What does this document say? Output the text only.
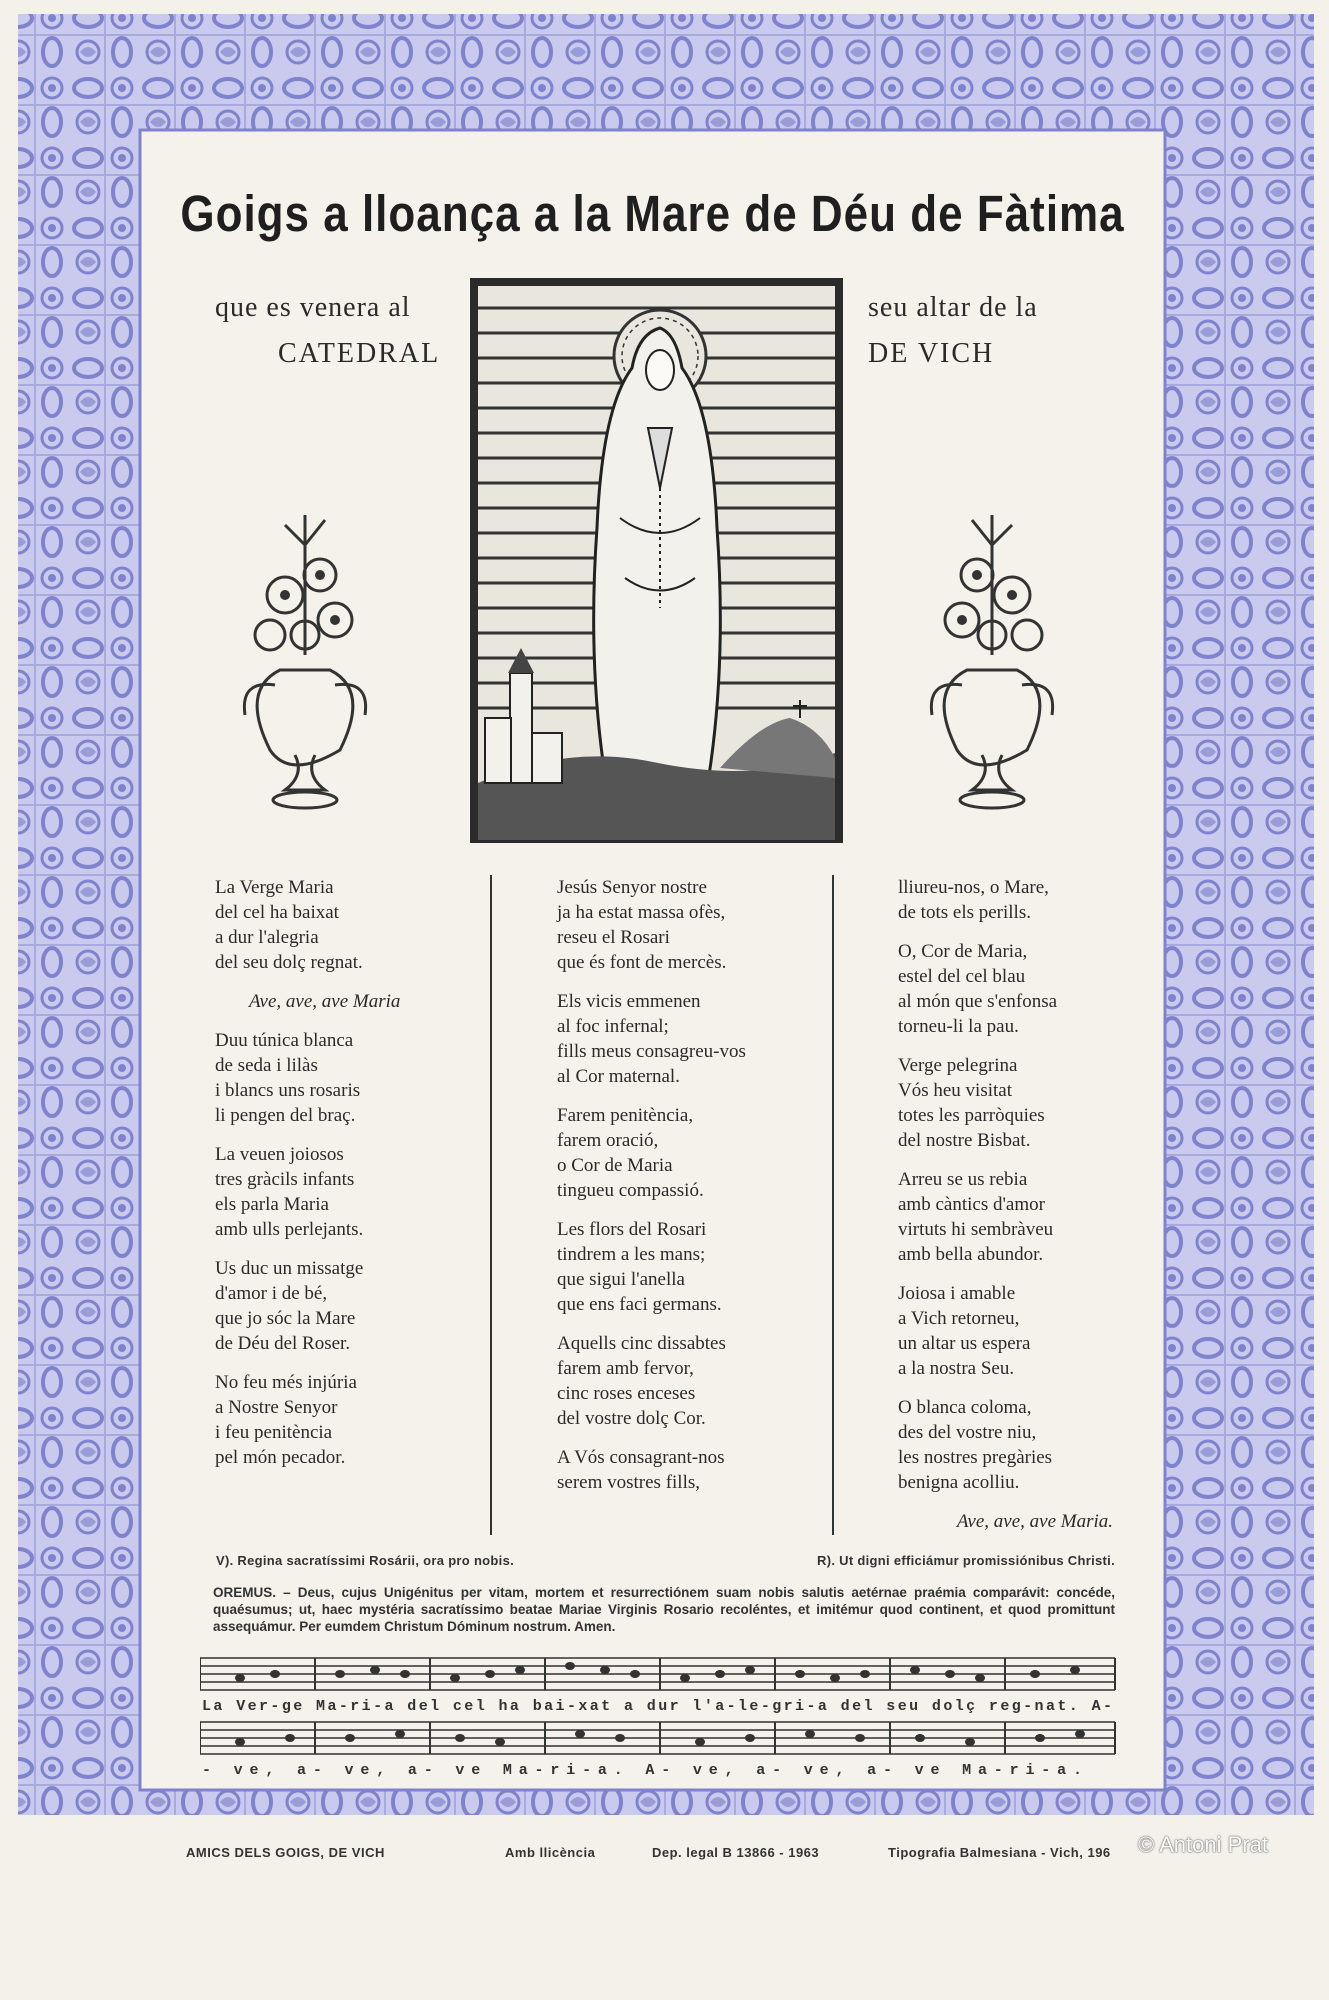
Goigs a lloança a la Mare de Déu de Fàtima
que es venera al
CATEDRAL
seu altar de la
DE VICH
La Verge Maria
del cel ha baixat
a dur l'alegria
del seu dolç regnat.
Ave, ave, ave Maria
Duu túnica blanca
de seda i lilàs
i blancs uns rosaris
li pengen del braç.
La veuen joiosos
tres gràcils infants
els parla Maria
amb ulls perlejants.
Us duc un missatge
d'amor i de bé,
que jo sóc la Mare
de Déu del Roser.
No feu més injúria
a Nostre Senyor
i feu penitència
pel món pecador.
Jesús Senyor nostre
ja ha estat massa ofès,
reseu el Rosari
que és font de mercès.
Els vicis emmenen
al foc infernal;
fills meus consagreu-vos
al Cor maternal.
Farem penitència,
farem oració,
o Cor de Maria
tingueu compassió.
Les flors del Rosari
tindrem a les mans;
que sigui l'anella
que ens faci germans.
Aquells cinc dissabtes
farem amb fervor,
cinc roses enceses
del vostre dolç Cor.
A Vós consagrant-nos
serem vostres fills,
lliureu-nos, o Mare,
de tots els perills.
O, Cor de Maria,
estel del cel blau
al món que s'enfonsa
torneu-li la pau.
Verge pelegrina
Vós heu visitat
totes les parròquies
del nostre Bisbat.
Arreu se us rebia
amb càntics d'amor
virtuts hi sembràveu
amb bella abundor.
Joiosa i amable
a Vich retorneu,
un altar us espera
a la nostra Seu.
O blanca coloma,
des del vostre niu,
les nostres pregàries
benigna acolliu.
Ave, ave, ave Maria.
V). Regina sacratíssimi Rosárii, ora pro nobis.	R). Ut digni efficiámur promissiónibus Christi.
OREMUS. – Deus, cujus Unigénitus per vitam, mortem et resurrectiónem suam nobis salutis aetérnae praémia comparávit: concéde, quaésumus; ut, haec mystéria sacratíssimo beatae Mariae Virginis Rosario recoléntes, et imitémur quod continent, et quod promittunt assequámur. Per eumdem Christum Dóminum nostrum. Amen.
La Ver-ge Ma-ri-a del cel ha bai-xat a dur l'a-le-gri-a del seu dolç reg-nat. A-
- ve, a- ve, a- ve Ma-ri-a. A- ve, a- ve, a- ve Ma-ri-a.
AMICS DELS GOIGS, DE VICH	Amb llicència	Dep. legal B 13866 - 1963	Tipografia Balmesiana - Vich, 196 © Antoni Prat
